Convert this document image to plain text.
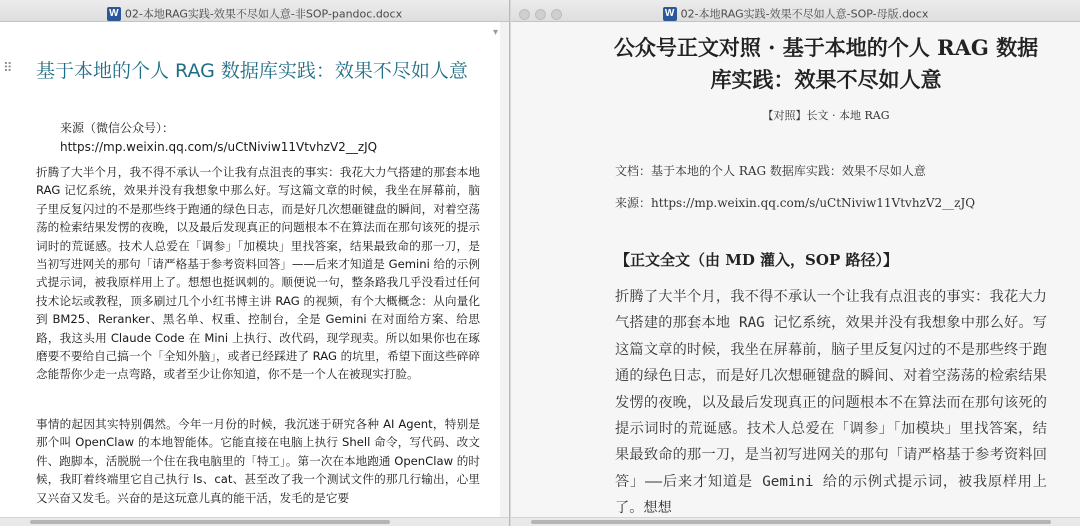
W 02-本地RAG实践-效果不尽如人意-非SOP-pandoc.docx
▾
⠿ 基于本地的个人 RAG 数据库实践：效果不尽如人意
来源（微信公众号）：
https://mp.weixin.qq.com/s/uCtNiviw11VtvhzV2__zJQ
折腾了大半个月，我不得不承认一个让我有点沮丧的事实：我花大力气搭建的那套本地 RAG 记忆系统，效果并没有我想象中那么好。写这篇文章的时候，我坐在屏幕前，脑子里反复闪过的不是那些终于跑通的绿色日志，而是好几次想砸键盘的瞬间，对着空荡荡的检索结果发愣的夜晚，以及最后发现真正的问题根本不在算法而在那句该死的提示词时的荒诞感。技术人总爱在「调参」「加模块」里找答案，结果最致命的那一刀，是当初写进网关的那句「请严格基于参考资料回答」——后来才知道是 Gemini 给的示例式提示词，被我原样用上了。想想也挺讽刺的。顺便说一句，整条路我几乎没看过任何技术论坛或教程，顶多刷过几个小红书博主讲 RAG 的视频，有个大概概念：从向量化到 BM25、Reranker、黑名单、权重、控制台，全是 Gemini 在对面给方案、给思路，我这头用 Claude Code 在 Mini 上执行、改代码，现学现卖。所以如果你也在琢磨要不要给自己搞一个「全知外脑」，或者已经踩进了 RAG 的坑里，希望下面这些碎碎念能帮你少走一点弯路，或者至少让你知道，你不是一个人在被现实打脸。
事情的起因其实特别偶然。今年一月份的时候，我沉迷于研究各种 AI Agent，特别是那个叫 OpenClaw 的本地智能体。它能直接在电脑上执行 Shell 命令，写代码、改文件、跑脚本，活脱脱一个住在我电脑里的「特工」。第一次在本地跑通 OpenClaw 的时候，我盯着终端里它自己执行 ls、cat、甚至改了我一个测试文件的那几行输出，心里又兴奋又发毛。兴奋的是这玩意儿真的能干活，发毛的是它要
W 02-本地RAG实践-效果不尽如人意-SOP-母版.docx
公众号正文对照 · 基于本地的个人 RAG 数据库实践：效果不尽如人意
【对照】长文 · 本地 RAG
文档：基于本地的个人 RAG 数据库实践：效果不尽如人意
来源：https://mp.weixin.qq.com/s/uCtNiviw11VtvhzV2__zJQ
【正文全文（由 MD 灌入，SOP 路径）】
折腾了大半个月，我不得不承认一个让我有点沮丧的事实：我花大力气搭建的那套本地 RAG 记忆系统，效果并没有我想象中那么好。写这篇文章的时候，我坐在屏幕前，脑子里反复闪过的不是那些终于跑通的绿色日志，而是好几次想砸键盘的瞬间、对着空荡荡的检索结果发愣的夜晚，以及最后发现真正的问题根本不在算法而在那句该死的提示词时的荒诞感。技术人总爱在「调参」「加模块」里找答案，结果最致命的那一刀，是当初写进网关的那句「请严格基于参考资料回答」——后来才知道是 Gemini 给的示例式提示词，被我原样用上了。想想
